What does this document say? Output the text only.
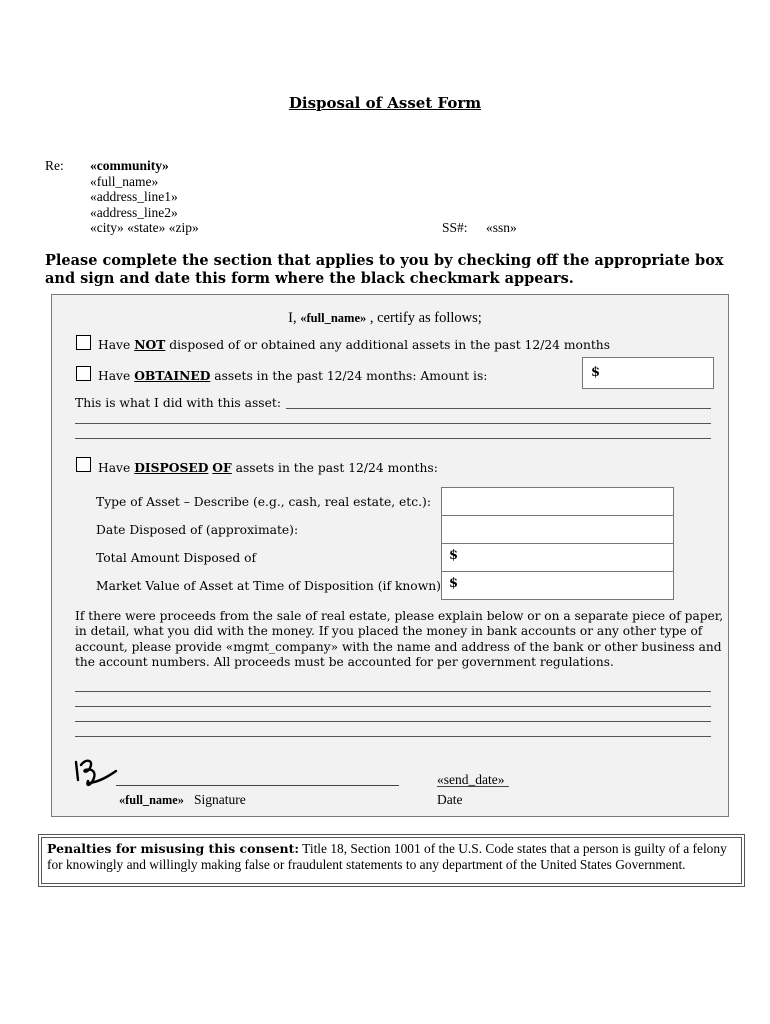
Disposal of Asset Form
Re: «community»
«full_name»
«address_line1»
«address_line2»
«city» «state» «zip»	SS#: «ssn»
Please complete the section that applies to you by checking off the appropriate box and sign and date this form where the black checkmark appears.
I, «full_name» , certify as follows;
Have NOT disposed of or obtained any additional assets in the past 12/24 months
Have OBTAINED assets in the past 12/24 months: Amount is:	$
This is what I did with this asset:
Have DISPOSED OF assets in the past 12/24 months:
Type of Asset – Describe (e.g., cash, real estate, etc.):
Date Disposed of (approximate):
Total Amount Disposed of	$
Market Value of Asset at Time of Disposition (if known) $
If there were proceeds from the sale of real estate, please explain below or on a separate piece of paper, in detail, what you did with the money. If you placed the money in bank accounts or any other type of account, please provide «mgmt_company» with the name and address of the bank or other business and the account numbers. All proceeds must be accounted for per government regulations.
«full_name» Signature
«send_date»
Date
Penalties for misusing this consent: Title 18, Section 1001 of the U.S. Code states that a person is guilty of a felony for knowingly and willingly making false or fraudulent statements to any department of the United States Government.
